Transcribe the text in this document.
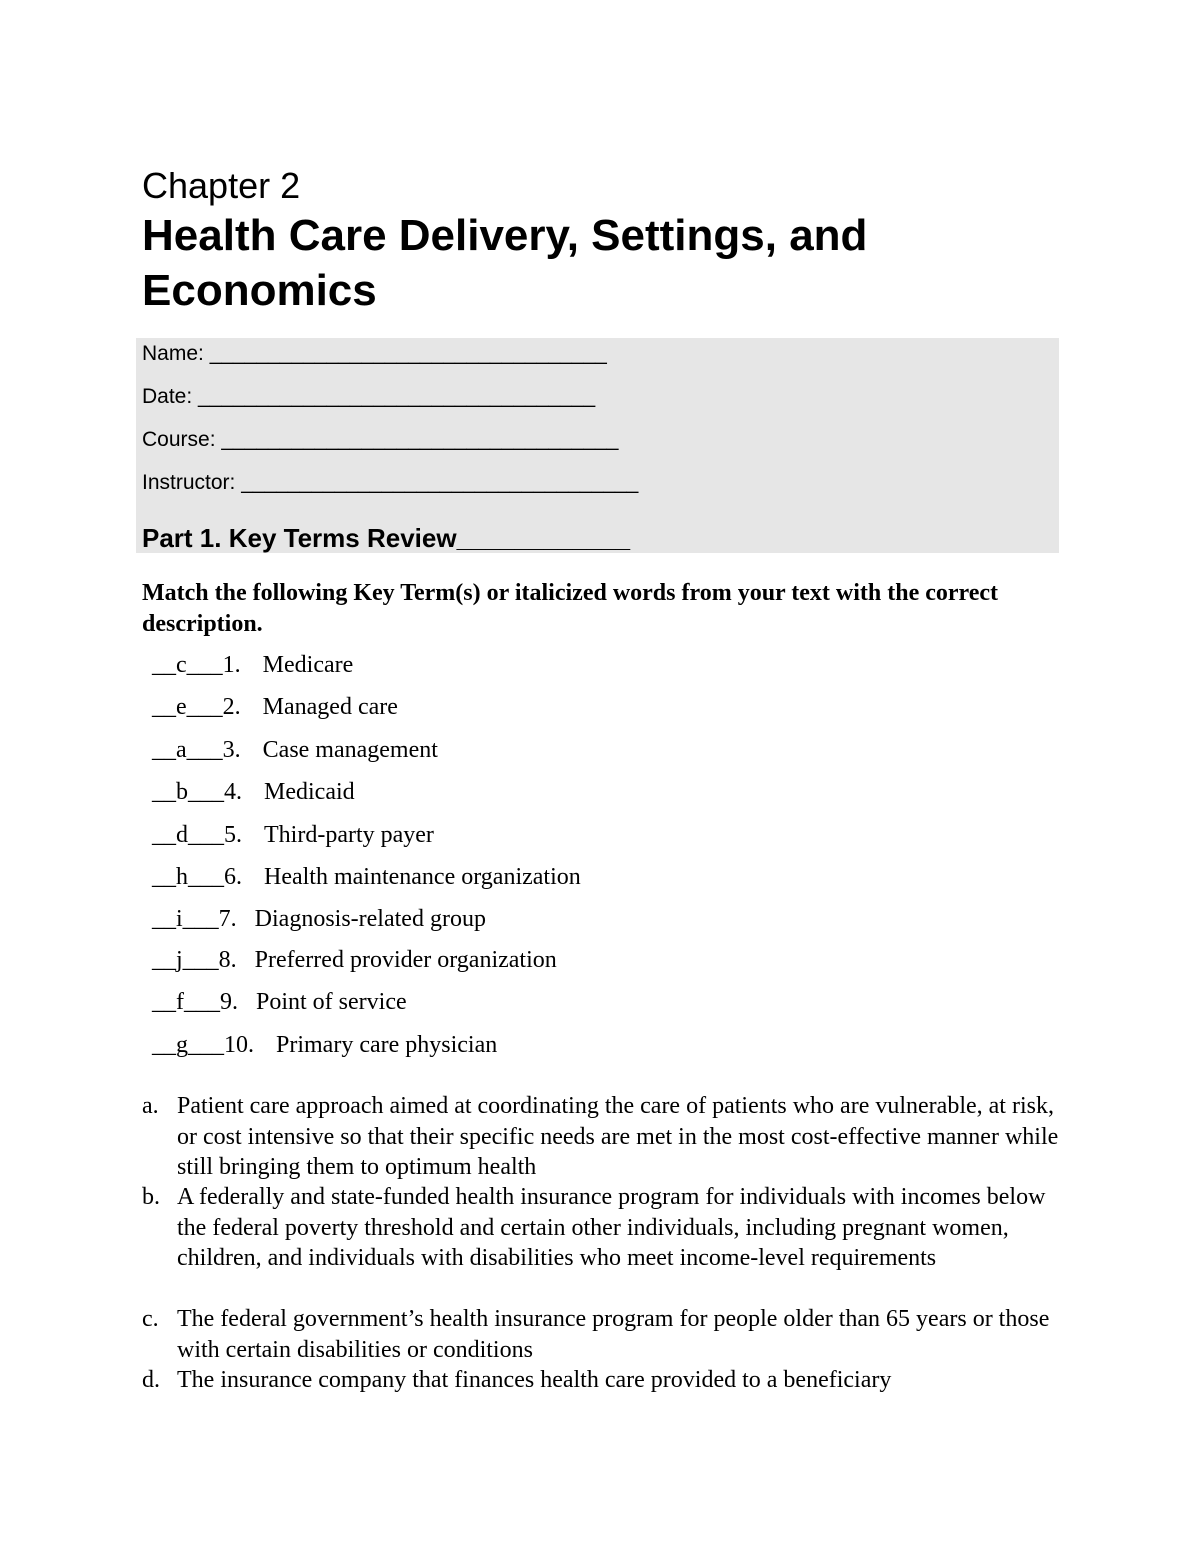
Chapter 2
Health Care Delivery, Settings, and Economics
Name: __________________________________
Date: __________________________________
Course: __________________________________
Instructor: __________________________________
Part 1. Key Terms Review____________

Match the following Key Term(s) or italicized words from your text with the correct description.

__c___1. Medicare
__e___2. Managed care
__a___3. Case management
__b___4. Medicaid
__d___5. Third-party payer
__h___6. Health maintenance organization
__i___7. Diagnosis-related group
__j___8. Preferred provider organization
__f___9. Point of service
__g___10. Primary care physician
a. Patient care approach aimed at coordinating the care of patients who are vulnerable, at risk, or cost intensive so that their specific needs are met in the most cost-effective manner while still bringing them to optimum health
b. A federally and state-funded health insurance program for individuals with incomes below the federal poverty threshold and certain other individuals, including pregnant women, children, and individuals with disabilities who meet income-level requirements
c. The federal government’s health insurance program for people older than 65 years or those with certain disabilities or conditions
d. The insurance company that finances health care provided to a beneficiary
